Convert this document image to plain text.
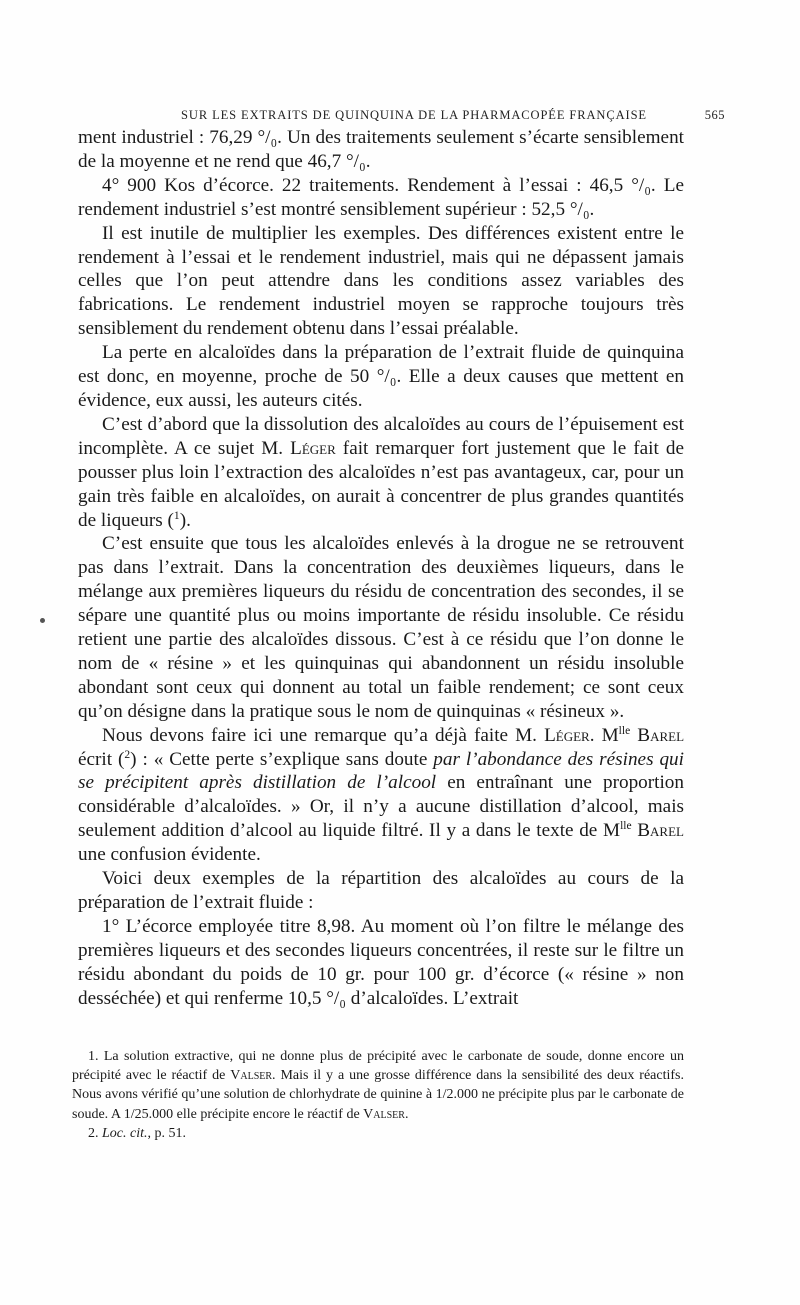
SUR LES EXTRAITS DE QUINQUINA DE LA PHARMACOPÉE FRANÇAISE	565

ment industriel : 76,29 °/₀. Un des traitements seulement s’écarte sensiblement de la moyenne et ne rend que 46,7 °/₀.

4° 900 Kos d’écorce. 22 traitements. Rendement à l’essai : 46,5 °/₀. Le rendement industriel s’est montré sensiblement supérieur : 52,5 °/₀.

Il est inutile de multiplier les exemples. Des différences existent entre le rendement à l’essai et le rendement industriel, mais qui ne dépassent jamais celles que l’on peut attendre dans les conditions assez variables des fabrications. Le rendement industriel moyen se rapproche toujours très sensiblement du rendement obtenu dans l’essai préalable.

La perte en alcaloïdes dans la préparation de l’extrait fluide de quinquina est donc, en moyenne, proche de 50 °/₀. Elle a deux causes que mettent en évidence, eux aussi, les auteurs cités.

C’est d’abord que la dissolution des alcaloïdes au cours de l’épuisement est incomplète. A ce sujet M. Léger fait remarquer fort justement que le fait de pousser plus loin l’extraction des alcaloïdes n’est pas avantageux, car, pour un gain très faible en alcaloïdes, on aurait à concentrer de plus grandes quantités de liqueurs ($^1$).

C’est ensuite que tous les alcaloïdes enlevés à la drogue ne se retrouvent pas dans l’extrait. Dans la concentration des deuxièmes liqueurs, dans le mélange aux premières liqueurs du résidu de concentration des secondes, il se sépare une quantité plus ou moins importante de résidu insoluble. Ce résidu retient une partie des alcaloïdes dissous. C’est à ce résidu que l’on donne le nom de « résine » et les quinquinas qui abandonnent un résidu insoluble abondant sont ceux qui donnent au total un faible rendement; ce sont ceux qu’on désigne dans la pratique sous le nom de quinquinas « résineux ».

Nous devons faire ici une remarque qu’a déjà faite M. Léger. $M^{lle}$ Barel écrit ($^2$) : « Cette perte s’explique sans doute par l’abondance des résines qui se précipitent après distillation de l’alcool en entraînant une proportion considérable d’alcaloïdes. » Or, il n’y a aucune distillation d’alcool, mais seulement addition d’alcool au liquide filtré. Il y a dans le texte de $M^{lle}$ Barel une confusion évidente.

Voici deux exemples de la répartition des alcaloïdes au cours de la préparation de l’extrait fluide :

1° L’écorce employée titre 8,98. Au moment où l’on filtre le mélange des premières liqueurs et des secondes liqueurs concentrées, il reste sur le filtre un résidu abondant du poids de 10 gr. pour 100 gr. d’écorce (« résine » non desséchée) et qui renferme 10,5 °/₀ d’alcaloïdes. L’extrait

1. La solution extractive, qui ne donne plus de précipité avec le carbonate de soude, donne encore un précipité avec le réactif de Valser. Mais il y a une grosse différence dans la sensibilité des deux réactifs. Nous avons vérifié qu’une solution de chlorhydrate de quinine à 1/2.000 ne précipite plus par le carbonate de soude. A 1/25.000 elle précipite encore le réactif de Valser.

2. Loc. cit., p. 51.
